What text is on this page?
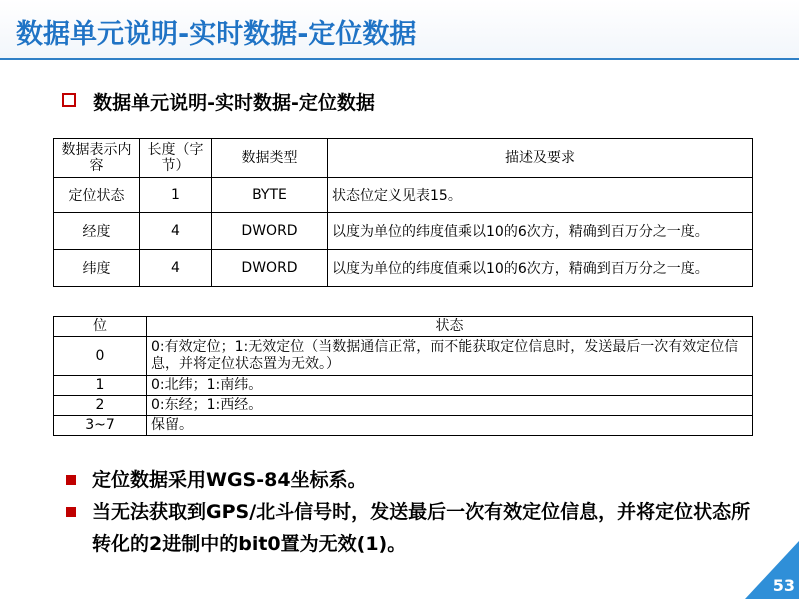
数据单元说明-实时数据-定位数据
数据单元说明-实时数据-定位数据
数据表示内容	长度（字节）	数据类型	描述及要求
定位状态	1	BYTE	状态位定义见表15。
经度	4	DWORD	以度为单位的纬度值乘以10的6次方，精确到百万分之一度。
纬度	4	DWORD	以度为单位的纬度值乘以10的6次方，精确到百万分之一度。
位	状态
0	0:有效定位；1:无效定位（当数据通信正常，而不能获取定位信息时，发送最后一次有效定位信息，并将定位状态置为无效。）
1	0:北纬；1:南纬。
2	0:东经；1:西经。
3~7	保留。
定位数据采用WGS-84坐标系。
当无法获取到GPS/北斗信号时，发送最后一次有效定位信息，并将定位状态所转化的2进制中的bit0置为无效(1)。
53
